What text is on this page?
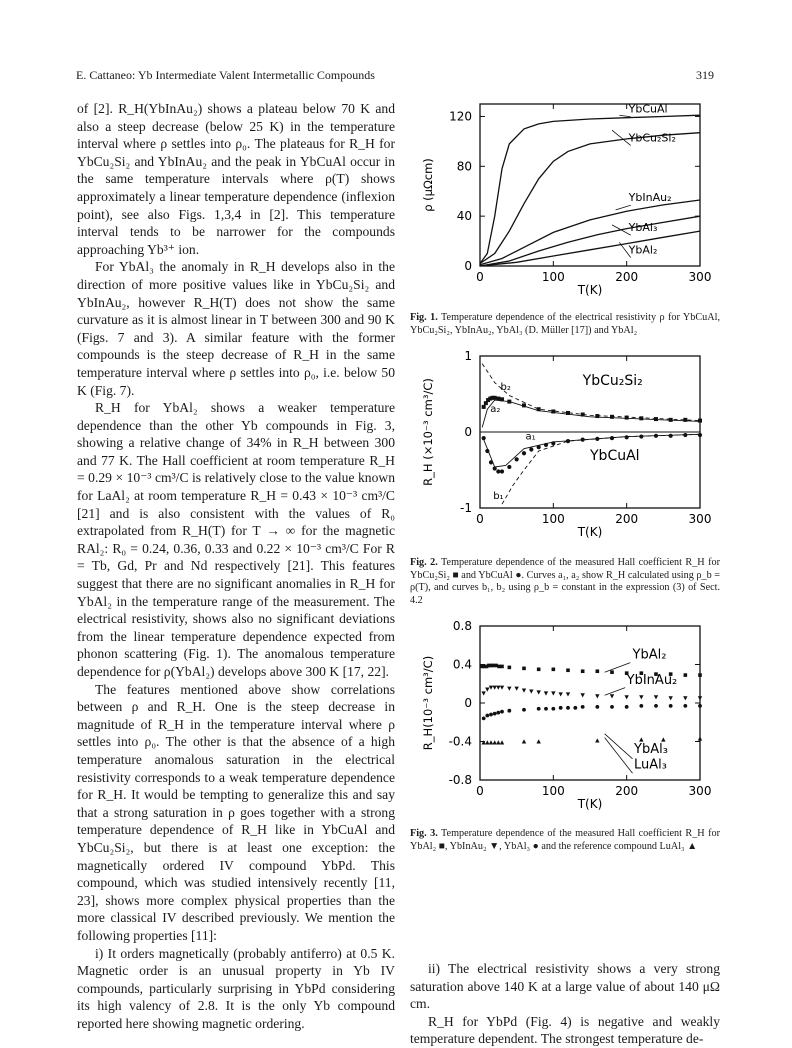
E. Cattaneo: Yb Intermediate Valent Intermetallic Compounds	319

of [2]. R_H(YbInAu₂) shows a plateau below 70 K and also a steep decrease (below 25 K) in the temperature interval where ρ settles into ρ₀. The plateaus for R_H for YbCu₂Si₂ and YbInAu₂ and the peak in YbCuAl occur in the same temperature intervals where ρ(T) shows approximately a linear temperature dependence (inflexion point), see also Figs. 1,3,4 in [2]. This temperature interval tends to be narrower for the compounds approaching Yb³⁺ ion.

For YbAl₃ the anomaly in R_H develops also in the direction of more positive values like in YbCu₂Si₂ and YbInAu₂, however R_H(T) does not show the same curvature as it is almost linear in T between 300 and 90 K (Figs. 7 and 3). A similar feature with the former compounds is the steep decrease of R_H in the same temperature interval where ρ settles into ρ₀, i.e. below 50 K (Fig. 7).

R_H for YbAl₂ shows a weaker temperature dependence than the other Yb compounds in Fig. 3, showing a relative change of 34% in R_H between 300 and 77 K. The Hall coefficient at room temperature R_H = 0.29 × 10⁻³ cm³/C is relatively close to the value known for LaAl₂ at room temperature R_H = 0.43 × 10⁻³ cm³/C [21] and is also consistent with the values of R₀ extrapolated from R_H(T) for T → ∞ for the magnetic RAl₂: R₀ = 0.24, 0.36, 0.33 and 0.22 × 10⁻³ cm³/C For R = Tb, Gd, Pr and Nd respectively [21]. This features suggest that there are no significant anomalies in R_H for YbAl₂ in the temperature range of the measurement. The electrical resistivity, shows also no significant deviations from the linear temperature dependence expected from phonon scattering (Fig. 1). The anomalous temperature dependence for ρ(YbAl₂) develops above 300 K [17, 22].

The features mentioned above show correlations between ρ and R_H. One is the steep decrease in magnitude of R_H in the temperature interval where ρ settles into ρ₀. The other is that the absence of a high temperature anomalous saturation in the electrical resistivity corresponds to a weak temperature dependence for R_H. It would be tempting to generalize this and say that a strong saturation in ρ goes together with a strong temperature dependence of R_H like in YbCuAl and YbCu₂Si₂, but there is at least one exception: the magnetically ordered IV compound YbPd. This compound, which was studied intensively recently [11, 23], shows more complex physical properties than the more classical IV described previously. We mention the following properties [11]:

i) It orders magnetically (probably antiferro) at 0.5 K. Magnetic order is an unusual property in Yb IV compounds, particularly surprising in YbPd considering its high valency of 2.8. It is the only Yb compound reported here showing magnetic ordering.

0	100	200	300
0
40
80
120
T(K)
ρ (μΩcm)
YbCuAl
YbCu₂Si₂
YbInAu₂
YbAl₃
YbAl₂
Fig. 1. Temperature dependence of the electrical resistivity ρ for YbCuAl, YbCu₂Si₂, YbInAu₂, YbAl₃ (D. Müller [17]) and YbAl₂
0	100	200	300
-1
0
1
T(K)
R_H (×10⁻³ cm³/C)	YbCu₂Si₂
YbCuAl
a₁
a₂
b₁
b₂
Fig. 2. Temperature dependence of the measured Hall coefficient R_H for YbCu₂Si₂ ■ and YbCuAl ●. Curves a₁, a₂ show R_H calculated using ρ_b = ρ(T), and curves b₁, b₂ using ρ_b = constant in the expression (3) of Sect. 4.2
0	100	200	300
-0.8
-0.4
0
0.4
0.8
T(K)
R_H(10⁻³ cm³/C)
YbAl₂
YbInAu₂
YbAl₃
LuAl₃
Fig. 3. Temperature dependence of the measured Hall coefficient R_H for YbAl₂ ■, YbInAu₂ ▼, YbAl₃ ● and the reference compound LuAl₃ ▲

ii) The electrical resistivity shows a very strong saturation above 140 K at a large value of about 140 μΩ cm.

R_H for YbPd (Fig. 4) is negative and weakly temperature dependent. The strongest temperature de-
